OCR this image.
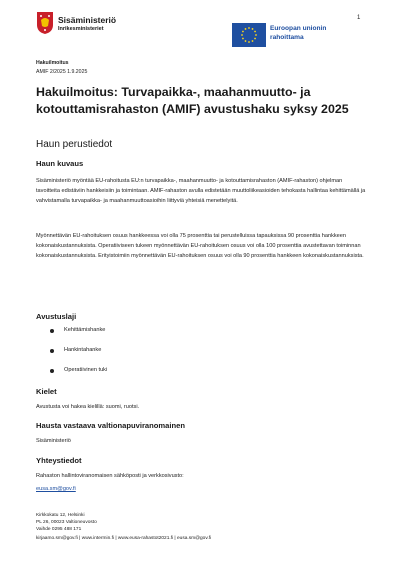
Sisäministeriö
Inrikesministeriet	Euroopan unionin
rahoittama
1
Hakuilmoitus
AMIF 2/2025 1.9.2025
Hakuilmoitus: Turvapaikka-, maahanmuutto- ja kotouttamisrahaston (AMIF) avustushaku syksy 2025
Haun perustiedot
Haun kuvaus
Sisäministeriö myöntää EU-rahoitusta EU:n turvapaikka-, maahanmuutto- ja kotouttamisrahaston (AMIF-rahaston) ohjelman tavoitteita edistäviin hankkeisiin ja toimintaan. AMIF-rahaston avulla edistetään muuttoliikeasioiden tehokasta hallintaa kehittämällä ja vahvistamalla turvapaikka- ja maahanmuuttoasioihin liittyviä yhteisiä menettelyitä.
Myönnettävän EU-rahoituksen osuus hankkeessa voi olla 75 prosenttia tai perustelluissa tapauksissa 90 prosenttia hankkeen kokonaiskustannuksista. Operatiiviseen tukeen myönnettävän EU-rahoituksen osuus voi olla 100 prosenttia avustettavan toiminnan kokonaiskustannuksista. Erityistoimiin myönnettävän EU-rahoituksen osuus voi olla 90 prosenttia hankkeen kokonaiskustannuksista.
Avustuslaji
Kehittämishanke
Hankintahanke
Operatiivinen tuki
Kielet
Avustusta voi hakea kielillä: suomi, ruotsi.
Hausta vastaava valtionapuviranomainen
Sisäministeriö
Yhteystiedot
Rahaston hallintoviranomaisen sähköposti ja verkkosivusto:
eusa.sm@gov.fi
Kirkkokatu 12, Helsinki
PL 26, 00023 Valtioneuvosto
Vaihde 0295 488 171
kirjaamo.sm@gov.fi | www.intermin.fi | www.eusa-rahastot2021.fi | eusa.sm@gov.fi
